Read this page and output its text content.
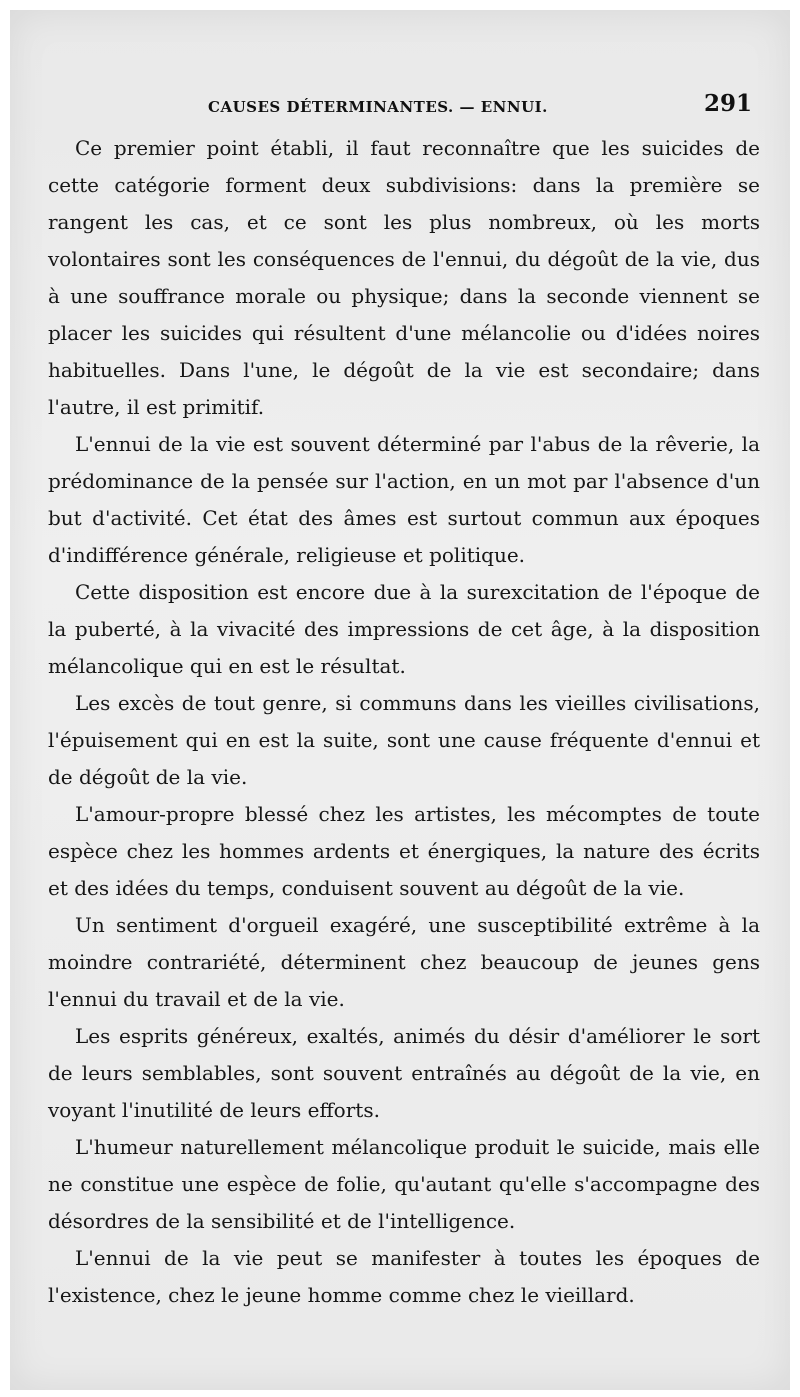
CAUSES DÉTERMINANTES. — ENNUI.	291

Ce premier point établi, il faut reconnaître que les suicides de cette catégorie forment deux subdivisions: dans la première se rangent les cas, et ce sont les plus nombreux, où les morts volontaires sont les conséquences de l'ennui, du dégoût de la vie, dus à une souffrance morale ou physique; dans la seconde viennent se placer les suicides qui résultent d'une mélancolie ou d'idées noires habituelles. Dans l'une, le dégoût de la vie est secondaire; dans l'autre, il est primitif.

L'ennui de la vie est souvent déterminé par l'abus de la rêverie, la prédominance de la pensée sur l'action, en un mot par l'absence d'un but d'activité. Cet état des âmes est surtout commun aux époques d'indifférence générale, religieuse et politique.

Cette disposition est encore due à la surexcitation de l'époque de la puberté, à la vivacité des impressions de cet âge, à la disposition mélancolique qui en est le résultat.

Les excès de tout genre, si communs dans les vieilles civilisations, l'épuisement qui en est la suite, sont une cause fréquente d'ennui et de dégoût de la vie.

L'amour-propre blessé chez les artistes, les mécomptes de toute espèce chez les hommes ardents et énergiques, la nature des écrits et des idées du temps, conduisent souvent au dégoût de la vie.

Un sentiment d'orgueil exagéré, une susceptibilité extrême à la moindre contrariété, déterminent chez beaucoup de jeunes gens l'ennui du travail et de la vie.

Les esprits généreux, exaltés, animés du désir d'améliorer le sort de leurs semblables, sont souvent entraînés au dégoût de la vie, en voyant l'inutilité de leurs efforts.

L'humeur naturellement mélancolique produit le suicide, mais elle ne constitue une espèce de folie, qu'autant qu'elle s'accompagne des désordres de la sensibilité et de l'intelligence.

L'ennui de la vie peut se manifester à toutes les époques de l'existence, chez le jeune homme comme chez le vieillard.
